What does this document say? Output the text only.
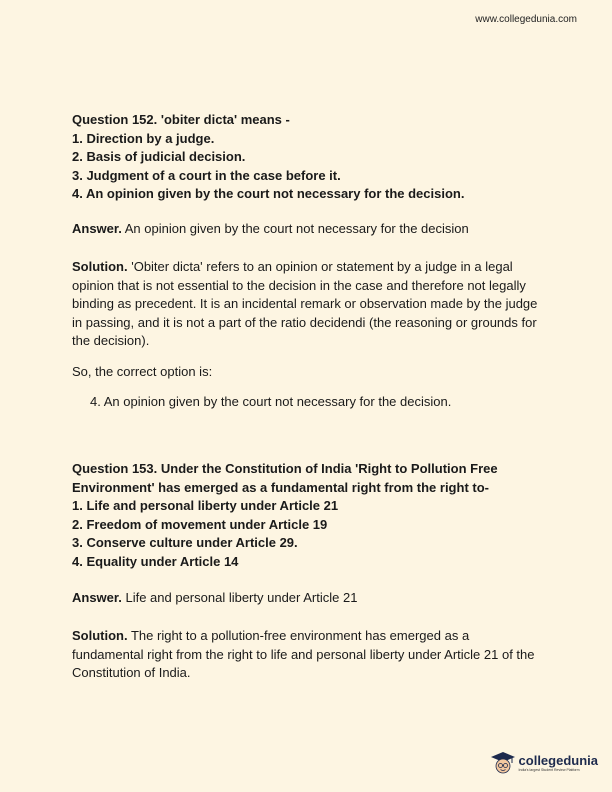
www.collegedunia.com
Question 152. 'obiter dicta' means -
1. Direction by a judge.
2. Basis of judicial decision.
3. Judgment of a court in the case before it.
4. An opinion given by the court not necessary for the decision.
Answer. An opinion given by the court not necessary for the decision
Solution. 'Obiter dicta' refers to an opinion or statement by a judge in a legal opinion that is not essential to the decision in the case and therefore not legally binding as precedent. It is an incidental remark or observation made by the judge in passing, and it is not a part of the ratio decidendi (the reasoning or grounds for the decision).
So, the correct option is:
4. An opinion given by the court not necessary for the decision.
Question 153. Under the Constitution of India 'Right to Pollution Free Environment' has emerged as a fundamental right from the right to-
1. Life and personal liberty under Article 21
2. Freedom of movement under Article 19
3. Conserve culture under Article 29.
4. Equality under Article 14
Answer. Life and personal liberty under Article 21
Solution. The right to a pollution-free environment has emerged as a fundamental right from the right to life and personal liberty under Article 21 of the Constitution of India.
collegedunia
India's largest Student Review Platform
